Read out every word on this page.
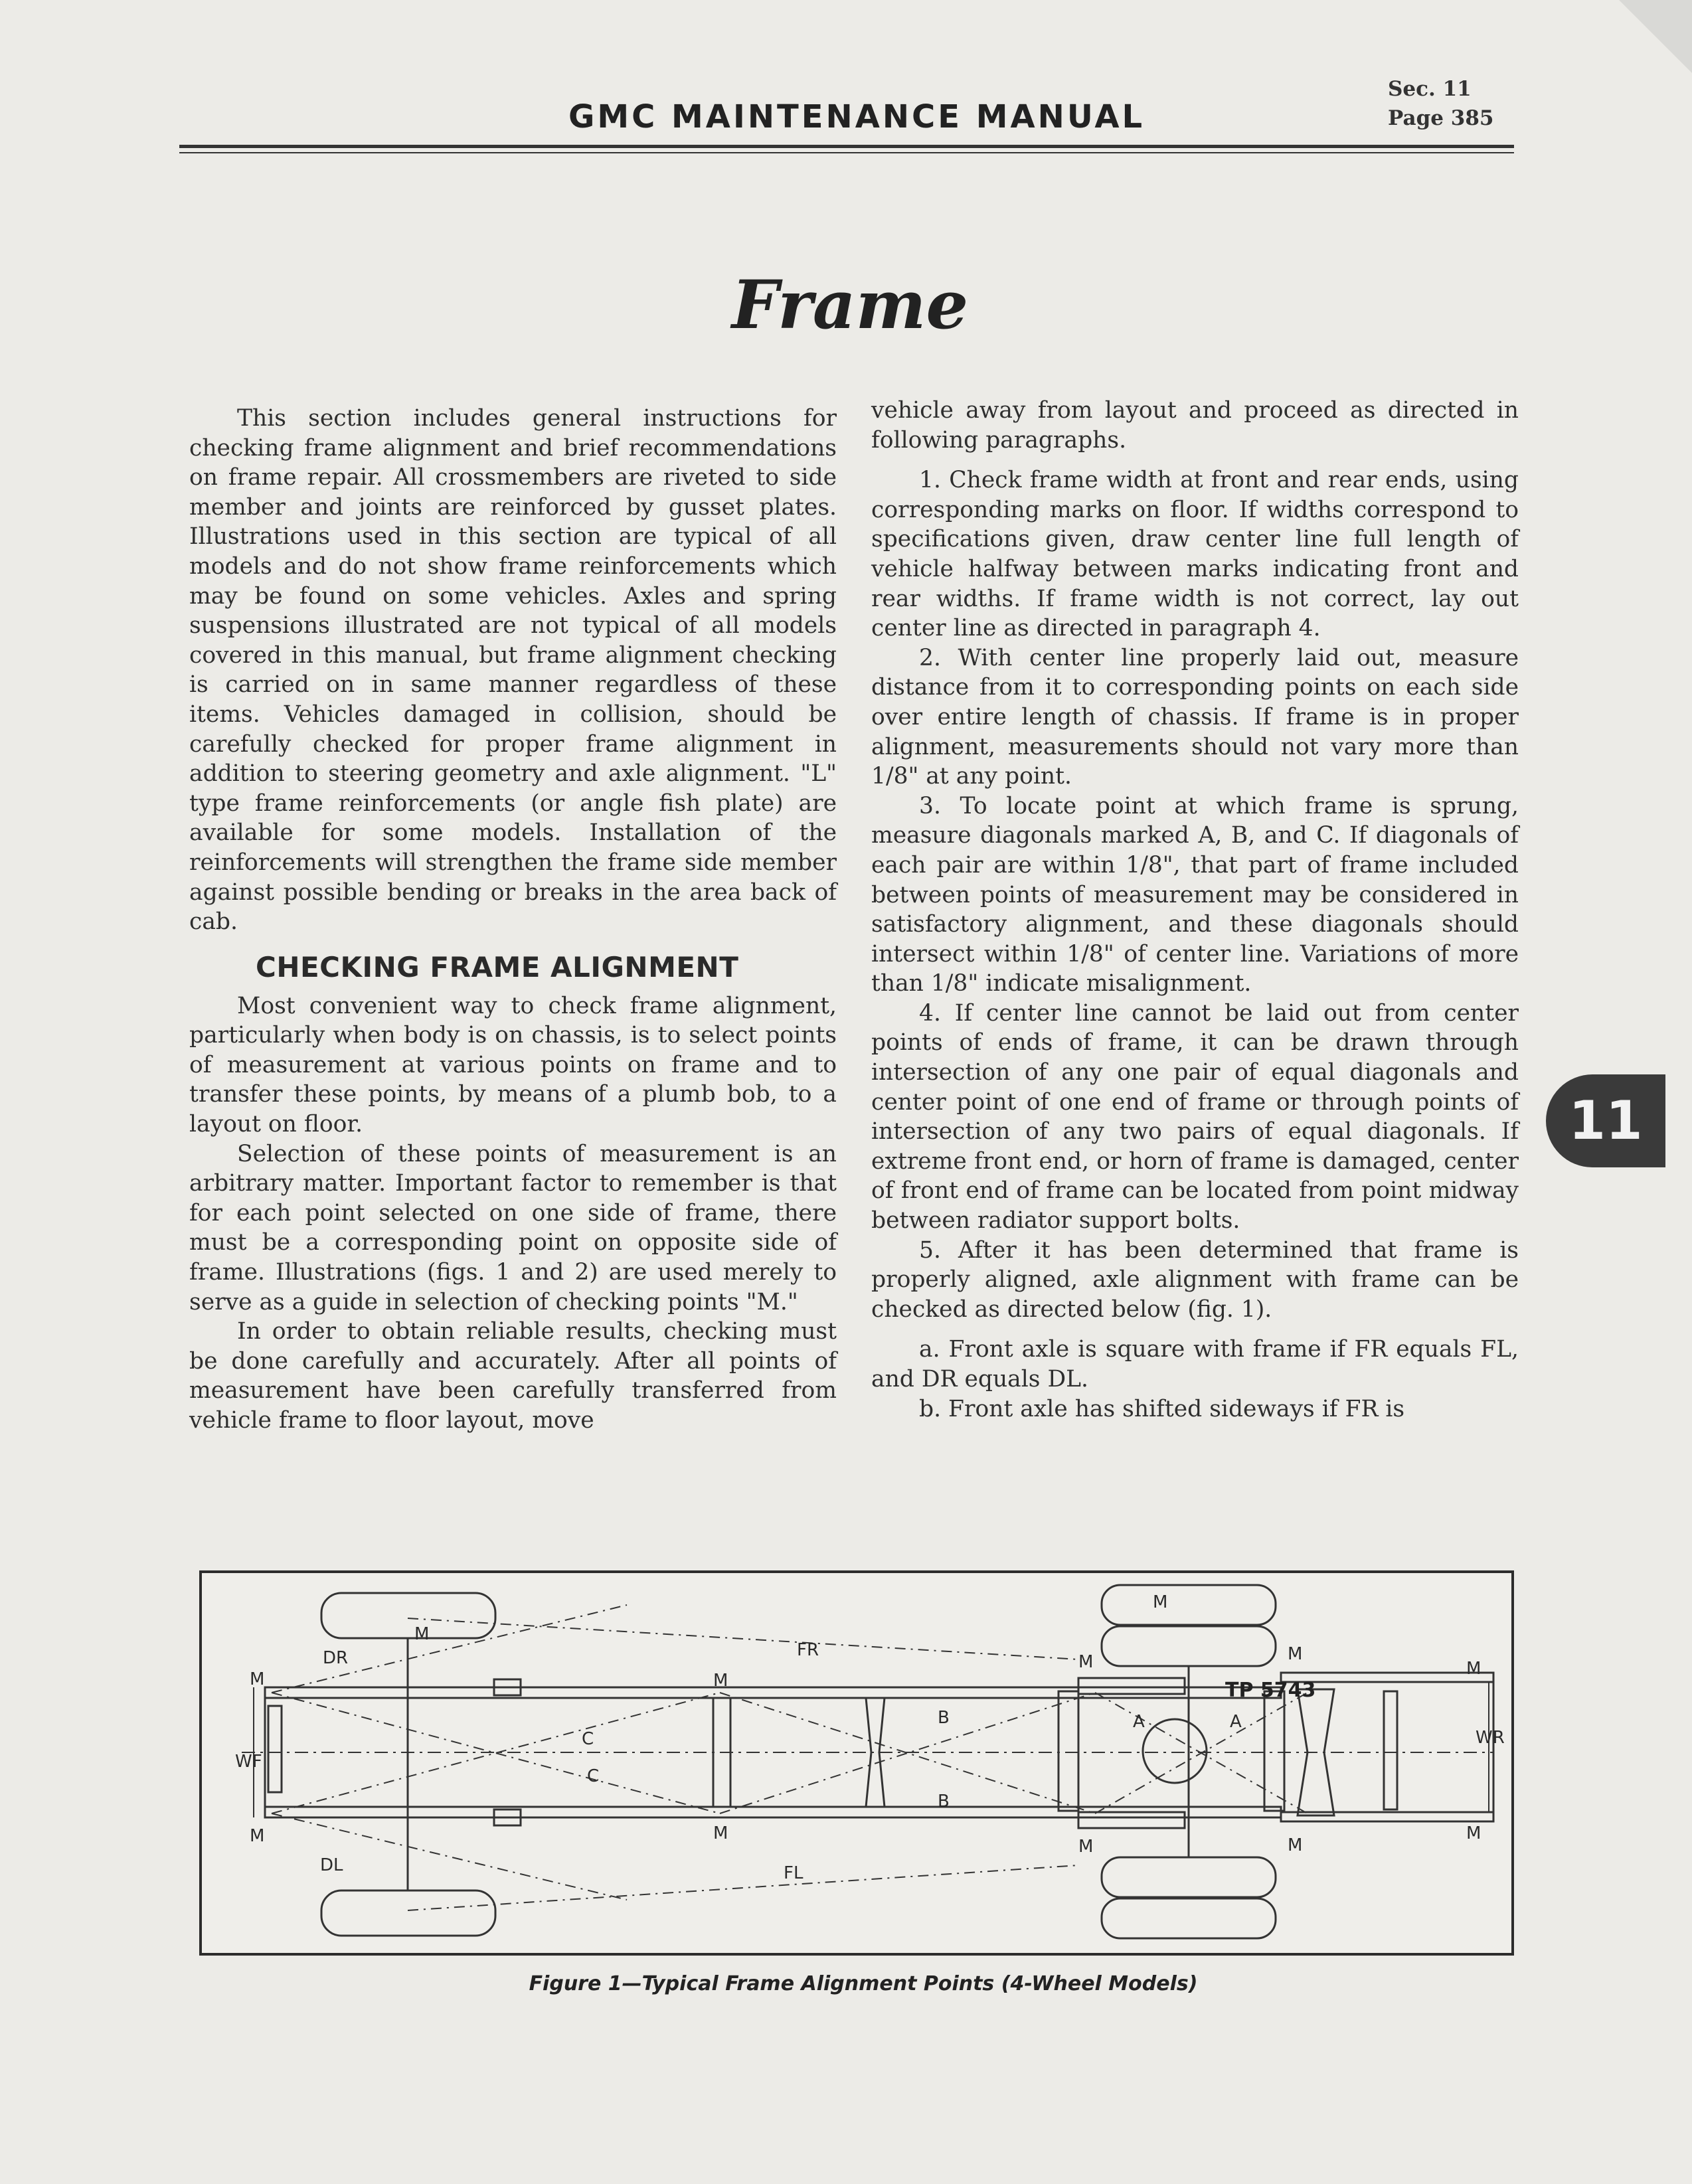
GMC MAINTENANCE MANUAL
Sec. 11
Page 385
Frame

This section includes general instructions for checking frame alignment and brief recommendations on frame repair. All crossmembers are riveted to side member and joints are reinforced by gusset plates. Illustrations used in this section are typical of all models and do not show frame reinforcements which may be found on some vehicles. Axles and spring suspensions illustrated are not typical of all models covered in this manual, but frame alignment checking is carried on in same manner regardless of these items. Vehicles damaged in collision, should be carefully checked for proper frame alignment in addition to steering geometry and axle alignment. "L" type frame reinforcements (or angle fish plate) are available for some models. Installation of the reinforcements will strengthen the frame side member against possible bending or breaks in the area back of cab.

CHECKING FRAME ALIGNMENT

Most convenient way to check frame alignment, particularly when body is on chassis, is to select points of measurement at various points on frame and to transfer these points, by means of a plumb bob, to a layout on floor.

Selection of these points of measurement is an arbitrary matter. Important factor to remember is that for each point selected on one side of frame, there must be a corresponding point on opposite side of frame. Illustrations (figs. 1 and 2) are used merely to serve as a guide in selection of checking points "M."

In order to obtain reliable results, checking must be done carefully and accurately. After all points of measurement have been carefully transferred from vehicle frame to floor layout, move

vehicle away from layout and proceed as directed in following paragraphs.

1. Check frame width at front and rear ends, using corresponding marks on floor. If widths correspond to specifications given, draw center line full length of vehicle halfway between marks indicating front and rear widths. If frame width is not correct, lay out center line as directed in paragraph 4.

2. With center line properly laid out, measure distance from it to corresponding points on each side over entire length of chassis. If frame is in proper alignment, measurements should not vary more than 1/8" at any point.

3. To locate point at which frame is sprung, measure diagonals marked A, B, and C. If diagonals of each pair are within 1/8", that part of frame included between points of measurement may be considered in satisfactory alignment, and these diagonals should intersect within 1/8" of center line. Variations of more than 1/8" indicate misalignment.

4. If center line cannot be laid out from center points of ends of frame, it can be drawn through intersection of any one pair of equal diagonals and center point of one end of frame or through points of intersection of any two pairs of equal diagonals. If extreme front end, or horn of frame is damaged, center of front end of frame can be located from point midway between radiator support bolts.

5. After it has been determined that frame is properly aligned, axle alignment with frame can be checked as directed below (fig. 1).

a. Front axle is square with frame if FR equals FL, and DR equals DL.

b. Front axle has shifted sideways if FR is

11
M
M
M
M
M
M
M
M
M
M
M
M
DR
DL
FR
FL
WF
WR
A	A
B
B
C
C
TP 5743
Figure 1—Typical Frame Alignment Points (4-Wheel Models)
